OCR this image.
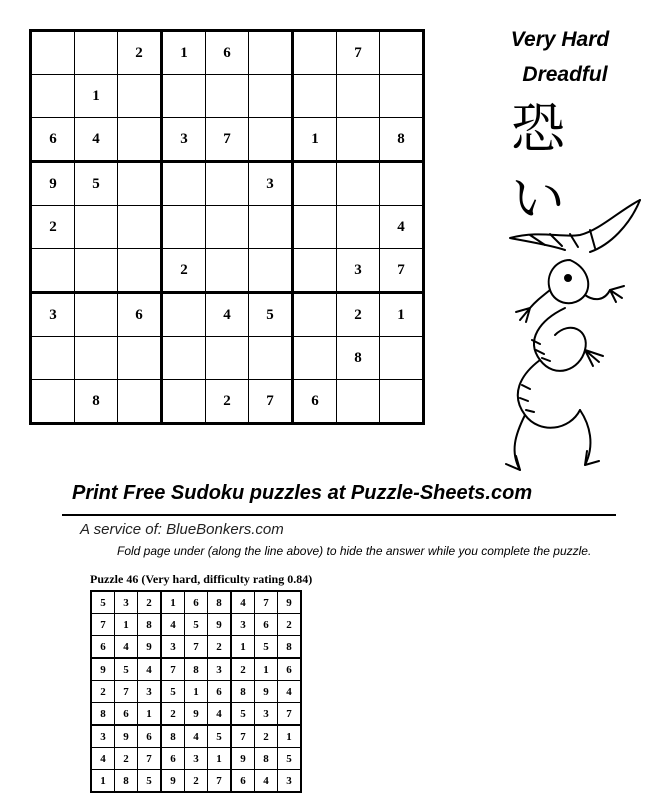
		2	1	6			7	
	1							
6	4		3	7		1		8
9	5				3			
2								4
			2				3	7
3		6		4	5		2	1
							8	
	8			2	7	6		
Very Hard
Dreadful
恐
い
Print Free Sudoku puzzles at Puzzle-Sheets.com
A service of: BlueBonkers.com
Fold page under (along the line above) to hide the answer while you complete the puzzle.
Puzzle 46 (Very hard, difficulty rating 0.84)
5	3	2	1	6	8	4	7	9
7	1	8	4	5	9	3	6	2
6	4	9	3	7	2	1	5	8
9	5	4	7	8	3	2	1	6
2	7	3	5	1	6	8	9	4
8	6	1	2	9	4	5	3	7
3	9	6	8	4	5	7	2	1
4	2	7	6	3	1	9	8	5
1	8	5	9	2	7	6	4	3
